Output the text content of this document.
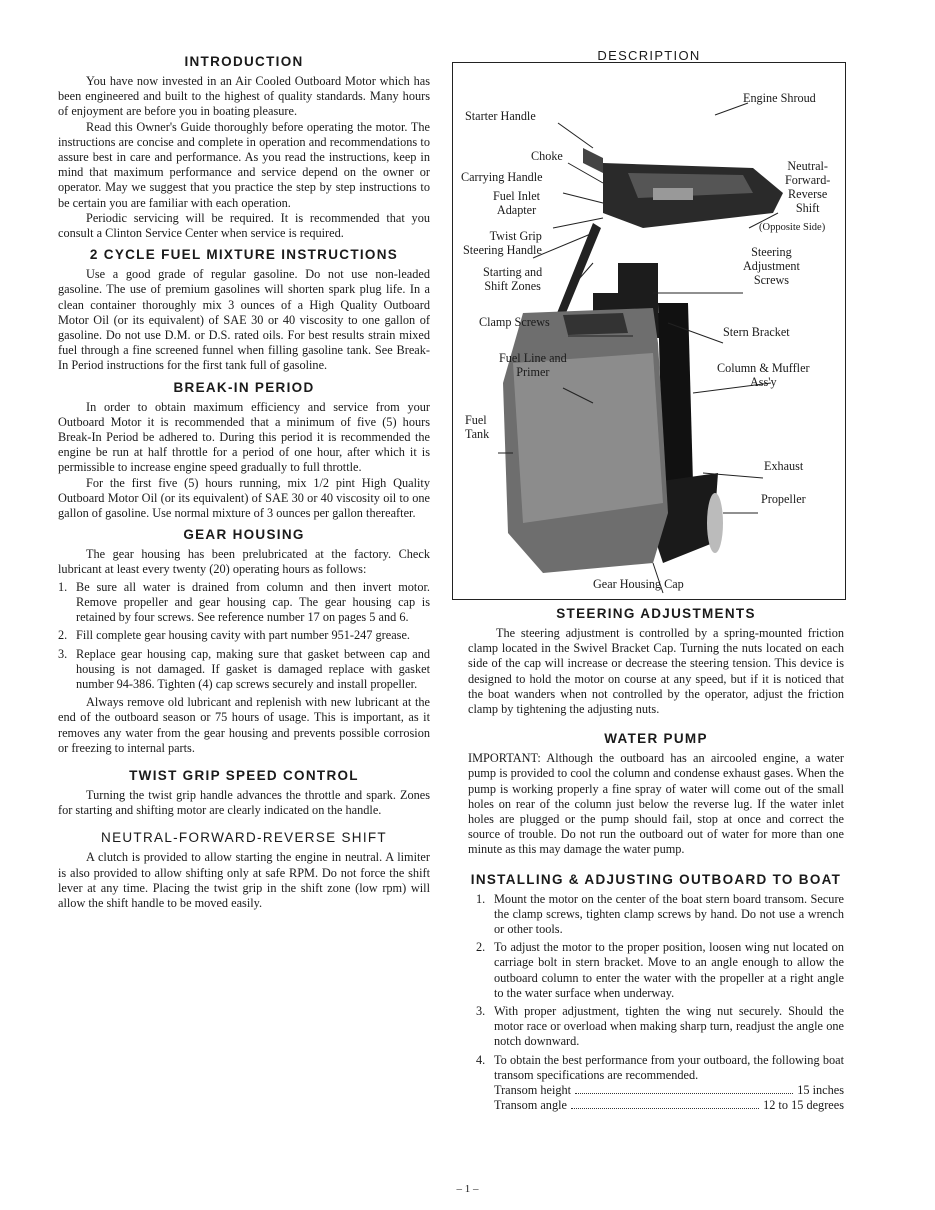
INTRODUCTION

You have now invested in an Air Cooled Outboard Motor which has been engineered and built to the highest of quality standards. Many hours of enjoyment are before you in boating pleasure.

Read this Owner's Guide thoroughly before operating the motor. The instructions are concise and complete in operation and recommendations to assure best in care and performance. As you read the instructions, keep in mind that maximum performance and service depend on the owner or operator. May we suggest that you practice the step by step instructions to be certain you are familiar with each operation.

Periodic servicing will be required. It is recommended that you consult a Clinton Service Center when service is required.

2 CYCLE FUEL MIXTURE INSTRUCTIONS

Use a good grade of regular gasoline. Do not use non-leaded gasoline. The use of premium gasolines will shorten spark plug life. In a clean container thoroughly mix 3 ounces of a High Quality Outboard Motor Oil (or its equivalent) of SAE 30 or 40 viscosity to one gallon of gasoline. Do not use D.M. or D.S. rated oils. For best results strain mixed fuel through a fine screened funnel when filling gasoline tank. See Break-In Period instructions for the first tank full of gasoline.

BREAK-IN PERIOD

In order to obtain maximum efficiency and service from your Outboard Motor it is recommended that a minimum of five (5) hours Break-In Period be adhered to. During this period it is recommended the engine be run at half throttle for a period of one hour, after which it is permissible to increase engine speed gradually to full throttle.

For the first five (5) hours running, mix 1/2 pint High Quality Outboard Motor Oil (or its equivalent) of SAE 30 or 40 viscosity oil to one gallon of gasoline. Use normal mixture of 3 ounces per gallon thereafter.

GEAR HOUSING

The gear housing has been prelubricated at the factory. Check lubricant at least every twenty (20) operating hours as follows:

1. Be sure all water is drained from column and then invert motor. Remove propeller and gear housing cap. The gear housing cap is retained by four screws. See reference number 17 on pages 5 and 6.
2. Fill complete gear housing cavity with part number 951-247 grease.
3. Replace gear housing cap, making sure that gasket between cap and housing is not damaged. If gasket is damaged replace with gasket number 94-386. Tighten (4) cap screws securely and install propeller.

Always remove old lubricant and replenish with new lubricant at the end of the outboard season or 75 hours of usage. This is important, as it removes any water from the gear housing and prevents possible corrosion or freezing to internal parts.

TWIST GRIP SPEED CONTROL

Turning the twist grip handle advances the throttle and spark. Zones for starting and shifting motor are clearly indicated on the handle.

NEUTRAL-FORWARD-REVERSE SHIFT

A clutch is provided to allow starting the engine in neutral. A limiter is also provided to allow shifting only at safe RPM. Do not force the shift lever at any time. Placing the twist grip in the shift zone (low rpm) will allow the shift handle to be moved easily.

DESCRIPTION
Engine Shroud
Starter Handle
Choke
Carrying Handle
Fuel Inlet
Adapter
Twist Grip
Steering Handle
Starting and
Shift Zones
Clamp Screws
Fuel Line and
Primer
Fuel
Tank
Neutral-
Forward-
Reverse
Shift
(Opposite Side)
Steering
Adjustment
Screws
Stern Bracket
Column & Muffler
Ass'y
Exhaust
Propeller
Gear Housing Cap
STEERING ADJUSTMENTS

The steering adjustment is controlled by a spring-mounted friction clamp located in the Swivel Bracket Cap. Turning the nuts located on each side of the cap will increase or decrease the steering tension. This device is designed to hold the motor on course at any speed, but if it is noticed that the boat wanders when not controlled by the operator, adjust the friction clamp by tightening the adjusting nuts.

WATER PUMP

IMPORTANT: Although the outboard has an aircooled engine, a water pump is provided to cool the column and condense exhaust gases. When the pump is working properly a fine spray of water will come out of the small holes on rear of the column just below the reverse lug. If the water inlet holes are plugged or the pump should fail, stop at once and correct the source of trouble. Do not run the outboard out of water for more than one minute as this may damage the water pump.

INSTALLING & ADJUSTING OUTBOARD TO BOAT
1. Mount the motor on the center of the boat stern board transom. Secure the clamp screws, tighten clamp screws by hand. Do not use a wrench or other tools.
2. To adjust the motor to the proper position, loosen wing nut located on carriage bolt in stern bracket. Move to an angle enough to allow the outboard column to enter the water with the propeller at a right angle to the water surface when underway.
3. With proper adjustment, tighten the wing nut securely. Should the motor race or overload when making sharp turn, readjust the angle one notch downward.
4. To obtain the best performance from your outboard, the following boat transom specifications are recommended.
Transom height	15 inches
Transom angle	12 to 15 degrees
– 1 –
